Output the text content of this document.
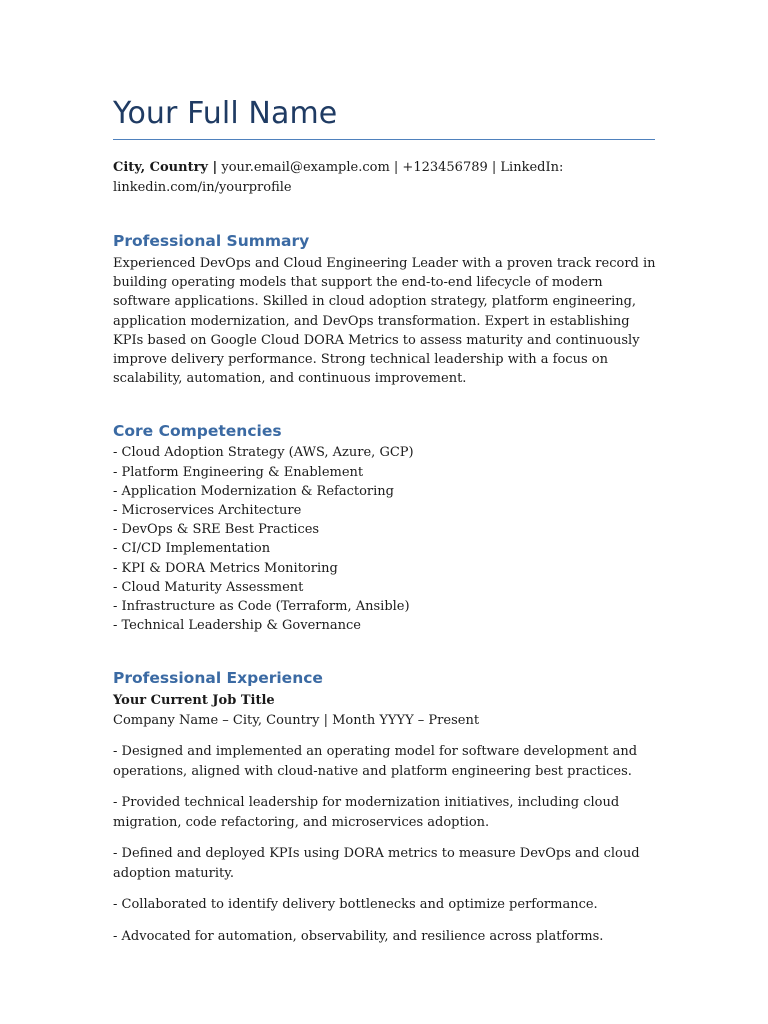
Your Full Name
City, Country | your.email@example.com | +123456789 | LinkedIn: linkedin.com/in/yourprofile
Professional Summary

Experienced DevOps and Cloud Engineering Leader with a proven track record in building operating models that support the end-to-end lifecycle of modern software applications. Skilled in cloud adoption strategy, platform engineering, application modernization, and DevOps transformation. Expert in establishing KPIs based on Google Cloud DORA Metrics to assess maturity and continuously improve delivery performance. Strong technical leadership with a focus on scalability, automation, and continuous improvement.

Core Competencies
- Cloud Adoption Strategy (AWS, Azure, GCP)
- Platform Engineering & Enablement
- Application Modernization & Refactoring
- Microservices Architecture
- DevOps & SRE Best Practices
- CI/CD Implementation
- KPI & DORA Metrics Monitoring
- Cloud Maturity Assessment
- Infrastructure as Code (Terraform, Ansible)
- Technical Leadership & Governance
Professional Experience
Your Current Job Title
Company Name – City, Country | Month YYYY – Present
- Designed and implemented an operating model for software development and operations, aligned with cloud-native and platform engineering best practices.
- Provided technical leadership for modernization initiatives, including cloud migration, code refactoring, and microservices adoption.
- Defined and deployed KPIs using DORA metrics to measure DevOps and cloud adoption maturity.
- Collaborated to identify delivery bottlenecks and optimize performance.
- Advocated for automation, observability, and resilience across platforms.
